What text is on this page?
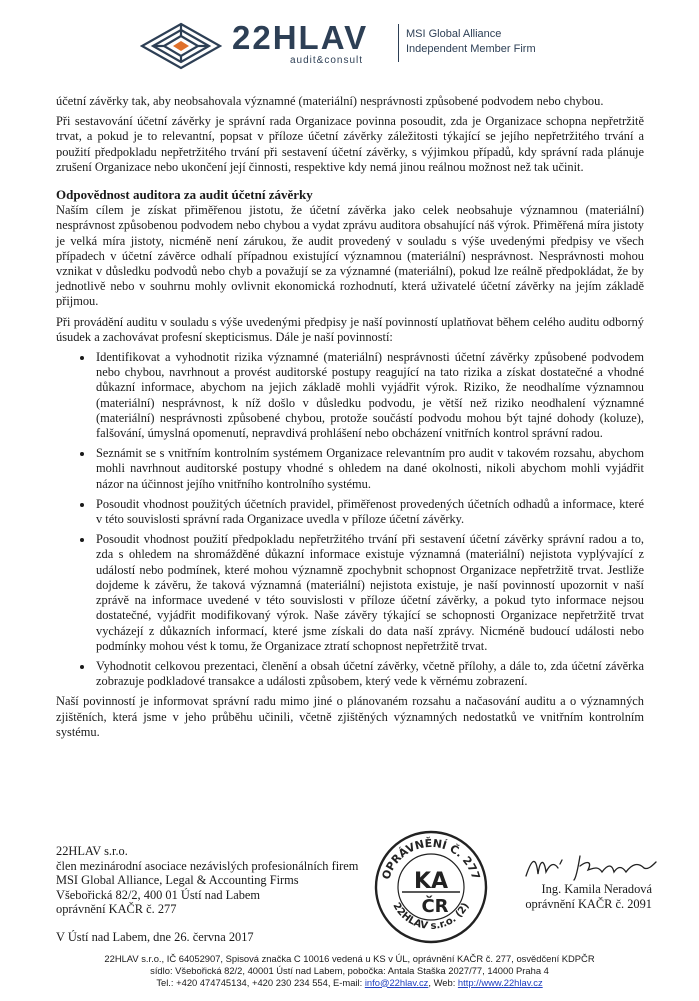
22HLAV
audit&consult
MSI Global Alliance
Independent Member Firm

účetní závěrky tak, aby neobsahovala významné (materiální) nesprávnosti způsobené podvodem nebo chybou.

Při sestavování účetní závěrky je správní rada Organizace povinna posoudit, zda je Organizace schopna nepřetržitě trvat, a pokud je to relevantní, popsat v příloze účetní závěrky záležitosti týkající se jejího nepřetržitého trvání a použití předpokladu nepřetržitého trvání při sestavení účetní závěrky, s výjimkou případů, kdy správní rada plánuje zrušení Organizace nebo ukončení její činnosti, respektive kdy nemá jinou reálnou možnost než tak učinit.

Odpovědnost auditora za audit účetní závěrky

Naším cílem je získat přiměřenou jistotu, že účetní závěrka jako celek neobsahuje významnou (materiální) nesprávnost způsobenou podvodem nebo chybou a vydat zprávu auditora obsahující náš výrok. Přiměřená míra jistoty je velká míra jistoty, nicméně není zárukou, že audit provedený v souladu s výše uvedenými předpisy ve všech případech v účetní závěrce odhalí případnou existující významnou (materiální) nesprávnost. Nesprávnosti mohou vznikat v důsledku podvodů nebo chyb a považují se za významné (materiální), pokud lze reálně předpokládat, že by jednotlivě nebo v souhrnu mohly ovlivnit ekonomická rozhodnutí, která uživatelé účetní závěrky na jejím základě přijmou.

Při provádění auditu v souladu s výše uvedenými předpisy je naší povinností uplatňovat během celého auditu odborný úsudek a zachovávat profesní skepticismus. Dále je naší povinností:

• Identifikovat a vyhodnotit rizika významné (materiální) nesprávnosti účetní závěrky způsobené podvodem nebo chybou, navrhnout a provést auditorské postupy reagující na tato rizika a získat dostatečné a vhodné důkazní informace, abychom na jejich základě mohli vyjádřit výrok. Riziko, že neodhalíme významnou (materiální) nesprávnost, k níž došlo v důsledku podvodu, je větší než riziko neodhalení významné (materiální) nesprávnosti způsobené chybou, protože součástí podvodu mohou být tajné dohody (koluze), falšování, úmyslná opomenutí, nepravdivá prohlášení nebo obcházení vnitřních kontrol správní radou.
• Seznámit se s vnitřním kontrolním systémem Organizace relevantním pro audit v takovém rozsahu, abychom mohli navrhnout auditorské postupy vhodné s ohledem na dané okolnosti, nikoli abychom mohli vyjádřit názor na účinnost jejího vnitřního kontrolního systému.
• Posoudit vhodnost použitých účetních pravidel, přiměřenost provedených účetních odhadů a informace, které v této souvislosti správní rada Organizace uvedla v příloze účetní závěrky.
• Posoudit vhodnost použití předpokladu nepřetržitého trvání při sestavení účetní závěrky správní radou a to, zda s ohledem na shromážděné důkazní informace existuje významná (materiální) nejistota vyplývající z událostí nebo podmínek, které mohou významně zpochybnit schopnost Organizace nepřetržitě trvat. Jestliže dojdeme k závěru, že taková významná (materiální) nejistota existuje, je naší povinností upozornit v naší zprávě na informace uvedené v této souvislosti v příloze účetní závěrky, a pokud tyto informace nejsou dostatečné, vyjádřit modifikovaný výrok. Naše závěry týkající se schopnosti Organizace nepřetržitě trvat vycházejí z důkazních informací, které jsme získali do data naší zprávy. Nicméně budoucí události nebo podmínky mohou vést k tomu, že Organizace ztratí schopnost nepřetržitě trvat.
• Vyhodnotit celkovou prezentaci, členění a obsah účetní závěrky, včetně přílohy, a dále to, zda účetní závěrka zobrazuje podkladové transakce a události způsobem, který vede k věrnému zobrazení.

Naší povinností je informovat správní radu mimo jiné o plánovaném rozsahu a načasování auditu a o významných zjištěních, která jsme v jeho průběhu učinili, včetně zjištěných významných nedostatků ve vnitřním kontrolním systému.

22HLAV s.r.o.
člen mezinárodní asociace nezávislých profesionálních firem
MSI Global Alliance, Legal & Accounting Firms
Všebořická 82/2, 400 01 Ústí nad Labem
oprávnění KAČR č. 277
V Ústí nad Labem, dne 26. června 2017
OPRÁVNĚNÍ Č. 277
22HLAV s.r.o. (2)
KA
ČR
Ing. Kamila Neradová
oprávnění KAČR č. 2091
22HLAV s.r.o., IČ 64052907, Spisová značka C 10016 vedená u KS v ÚL, oprávnění KAČR č. 277, osvědčení KDPČR
sídlo: Všebořická 82/2, 40001 Ústí nad Labem, pobočka: Antala Staška 2027/77, 14000 Praha 4
Tel.: +420 474745134, +420 230 234 554, E-mail: info@22hlav.cz, Web: http://www.22hlav.cz
